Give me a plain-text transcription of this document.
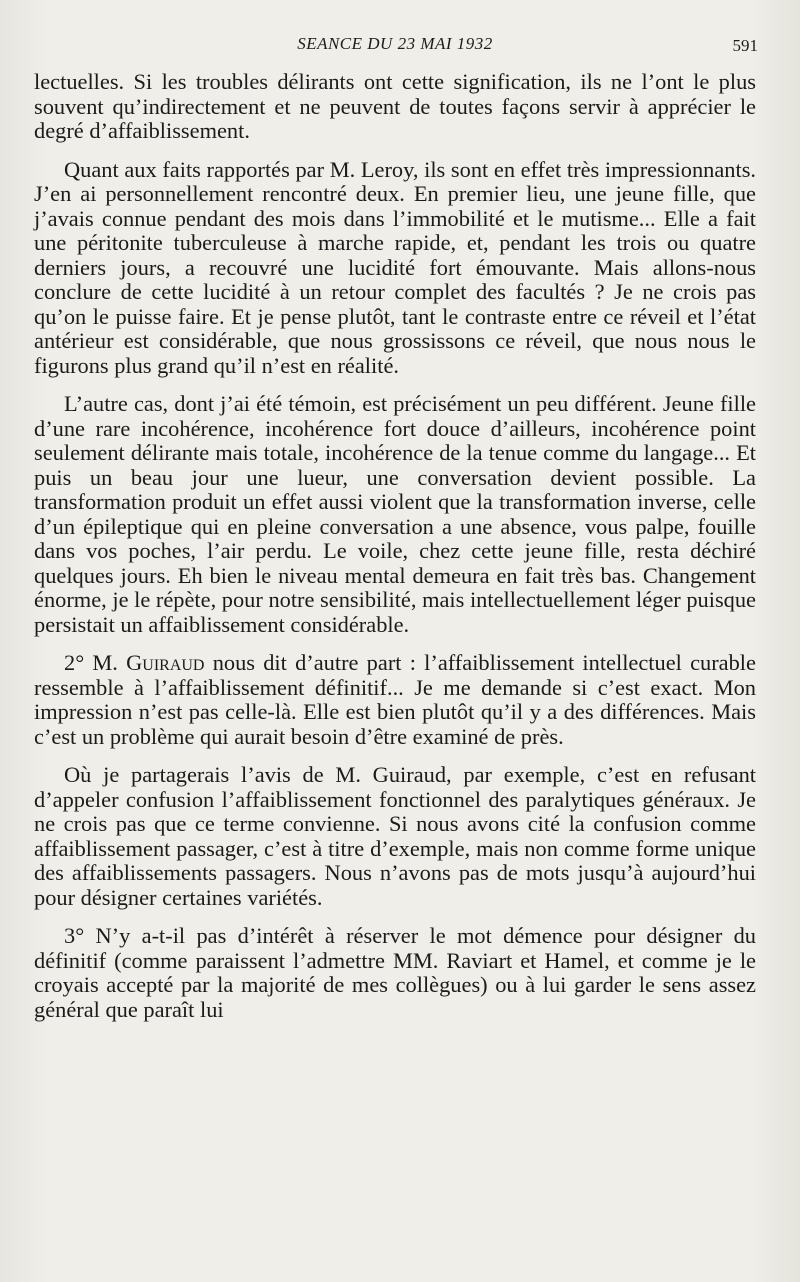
SEANCE DU 23 MAI 1932	591

lectuelles. Si les troubles délirants ont cette signification, ils ne l’ont le plus souvent qu’indirectement et ne peuvent de toutes façons servir à apprécier le degré d’affaiblissement.

Quant aux faits rapportés par M. Leroy, ils sont en effet très impressionnants. J’en ai personnellement rencontré deux. En premier lieu, une jeune fille, que j’avais connue pendant des mois dans l’immobilité et le mutisme... Elle a fait une péritonite tuberculeuse à marche rapide, et, pendant les trois ou quatre derniers jours, a recouvré une lucidité fort émouvante. Mais allons-nous conclure de cette lucidité à un retour complet des facultés ? Je ne crois pas qu’on le puisse faire. Et je pense plutôt, tant le contraste entre ce réveil et l’état antérieur est considérable, que nous grossissons ce réveil, que nous nous le figurons plus grand qu’il n’est en réalité.

L’autre cas, dont j’ai été témoin, est précisément un peu différent. Jeune fille d’une rare incohérence, incohérence fort douce d’ailleurs, incohérence point seulement délirante mais totale, incohérence de la tenue comme du langage... Et puis un beau jour une lueur, une conversation devient possible. La transformation produit un effet aussi violent que la transformation inverse, celle d’un épileptique qui en pleine conversation a une absence, vous palpe, fouille dans vos poches, l’air perdu. Le voile, chez cette jeune fille, resta déchiré quelques jours. Eh bien le niveau mental demeura en fait très bas. Changement énorme, je le répète, pour notre sensibilité, mais intellectuellement léger puisque persistait un affaiblissement considérable.

2° M. Guiraud nous dit d’autre part : l’affaiblissement intellectuel curable ressemble à l’affaiblissement définitif... Je me demande si c’est exact. Mon impression n’est pas celle-là. Elle est bien plutôt qu’il y a des différences. Mais c’est un problème qui aurait besoin d’être examiné de près.

Où je partagerais l’avis de M. Guiraud, par exemple, c’est en refusant d’appeler confusion l’affaiblissement fonctionnel des paralytiques généraux. Je ne crois pas que ce terme convienne. Si nous avons cité la confusion comme affaiblissement passager, c’est à titre d’exemple, mais non comme forme unique des affaiblissements passagers. Nous n’avons pas de mots jusqu’à aujourd’hui pour désigner certaines variétés.

3° N’y a-t-il pas d’intérêt à réserver le mot démence pour désigner du définitif (comme paraissent l’admettre MM. Raviart et Hamel, et comme je le croyais accepté par la majorité de mes collègues) ou à lui garder le sens assez général que paraît lui
